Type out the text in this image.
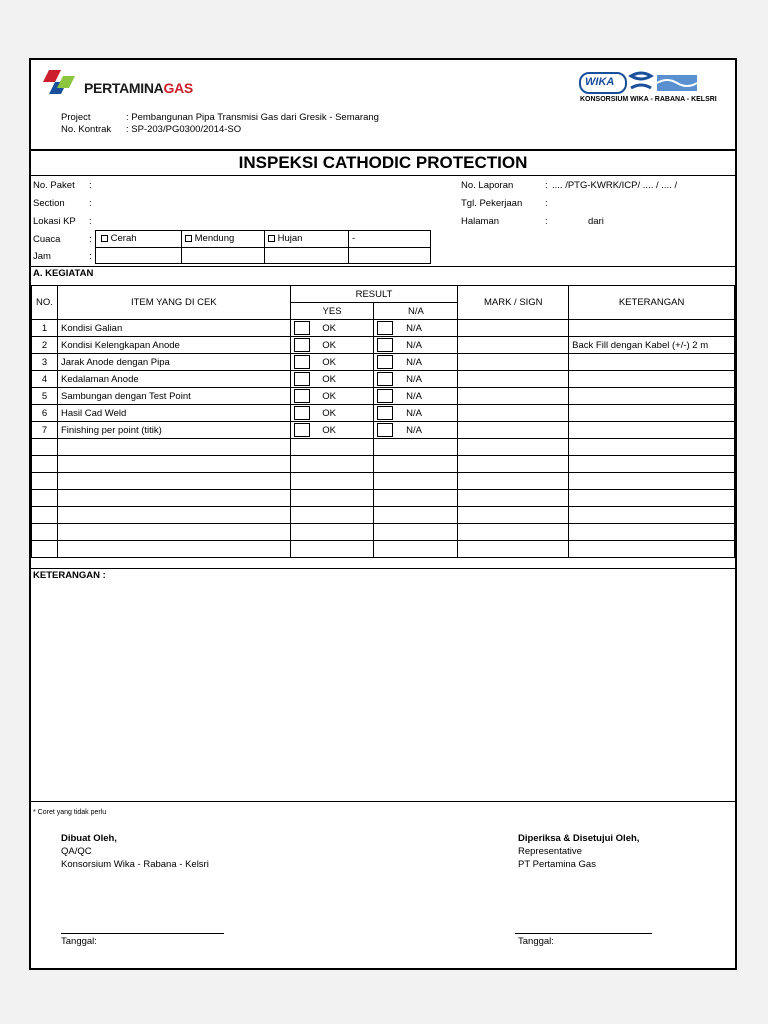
PERTAMINAGAS	WIKA
KONSORSIUM WIKA - RABANA - KELSRI
Project	: Pembangunan Pipa Transmisi Gas dari Gresik - Semarang
No. Kontrak : SP-203/PG0300/2014-SO
INSPEKSI CATHODIC PROTECTION
No. Paket :
Section	:
Lokasi KP :
No. Laporan	: .... /PTG-KWRK/ICP/ .... / .... /
Tgl. Pekerjaan :
Halaman	:	dari
Cuaca	:
Jam	:
Cerah	Mendung	Hujan	-
A. KEGIATAN
NO.	ITEM YANG DI CEK	RESULT		MARK / SIGN	KETERANGAN
		YES	N/A		
1	Kondisi Galian	OK	N/A		
2	Kondisi Kelengkapan Anode	OK	N/A		Back Fill dengan Kabel (+/-) 2 m
3	Jarak Anode dengan Pipa	OK	N/A		
4	Kedalaman Anode	OK	N/A		
5	Sambungan dengan Test Point	OK	N/A		
6	Hasil Cad Weld	OK	N/A		
7	Finishing per point (titik)	OK	N/A		

KETERANGAN :
* Coret yang tidak perlu
Dibuat Oleh,
QA/QC
Konsorsium Wika - Rabana - Kelsri
Tanggal:
Diperiksa & Disetujui Oleh,
Representative
PT Pertamina Gas
Tanggal:
